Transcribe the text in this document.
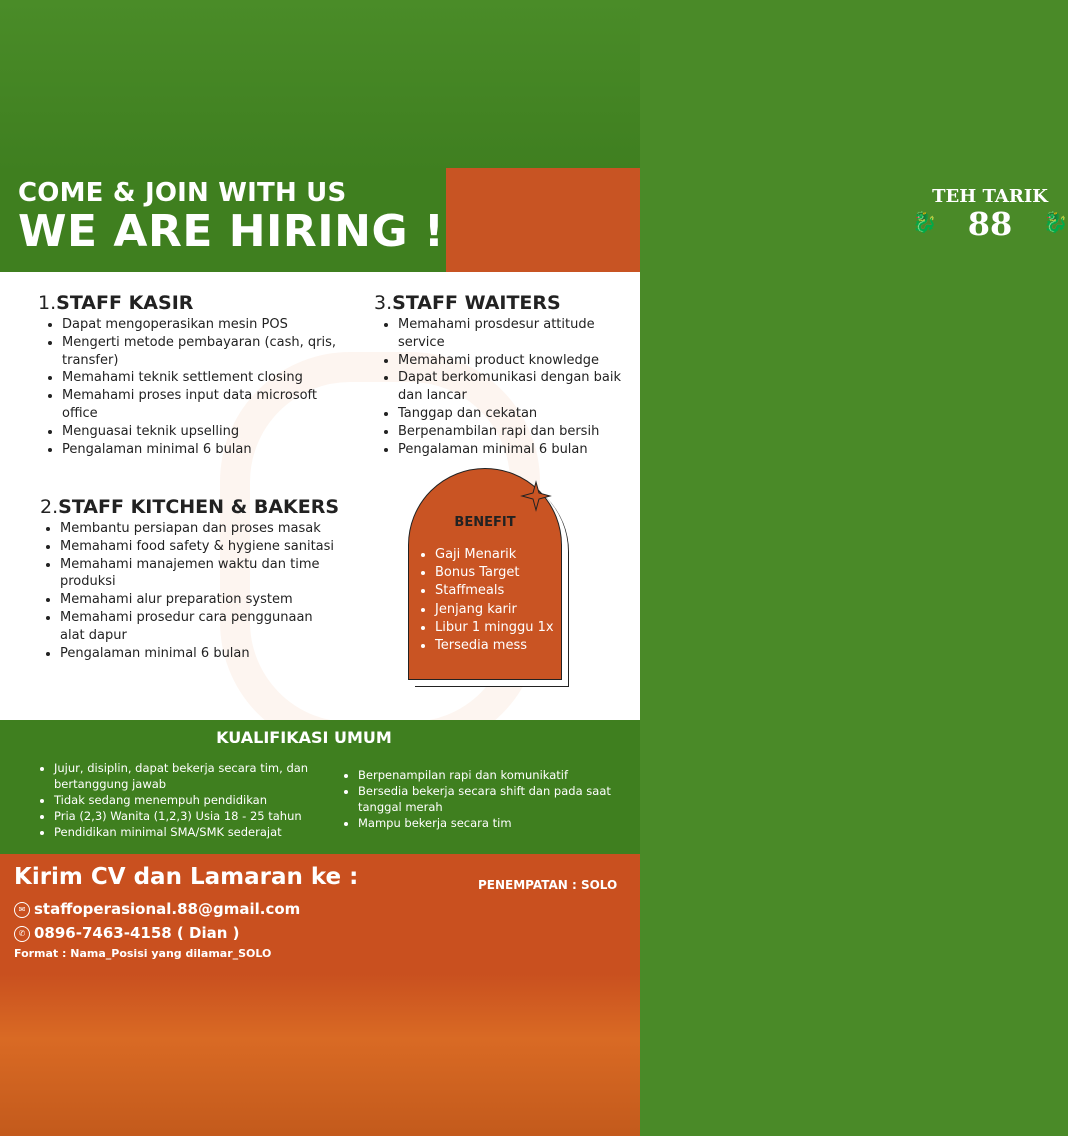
COME & JOIN WITH US
WE ARE HIRING !	🐉	🐉
TEH TARIK
88
1.STAFF KASIR
• Dapat mengoperasikan mesin POS
• Mengerti metode pembayaran (cash, qris, transfer)
• Memahami teknik settlement closing
• Memahami proses input data microsoft office
• Menguasai teknik upselling
• Pengalaman minimal 6 bulan
3.STAFF WAITERS
• Memahami prosdesur attitude service
• Memahami product knowledge
• Dapat berkomunikasi dengan baik dan lancar
• Tanggap dan cekatan
• Berpenambilan rapi dan bersih
• Pengalaman minimal 6 bulan
2.STAFF KITCHEN & BAKERS
• Membantu persiapan dan proses masak
• Memahami food safety & hygiene sanitasi
• Memahami manajemen waktu dan time produksi
• Memahami alur preparation system
• Memahami prosedur cara penggunaan alat dapur
• Pengalaman minimal 6 bulan
BENEFIT
• Gaji Menarik
• Bonus Target
• Staffmeals
• Jenjang karir
• Libur 1 minggu 1x
• Tersedia mess
KUALIFIKASI UMUM
• Jujur, disiplin, dapat bekerja secara tim, dan bertanggung jawab
• Tidak sedang menempuh pendidikan
• Pria (2,3) Wanita (1,2,3) Usia 18 - 25 tahun
• Pendidikan minimal SMA/SMK sederajat
• Berpenampilan rapi dan komunikatif
• Bersedia bekerja secara shift dan pada saat tanggal merah
• Mampu bekerja secara tim
Kirim CV dan Lamaran ke :	PENEMPATAN : SOLO
✉ staffoperasional.88@gmail.com
✆ 0896-7463-4158 ( Dian )
Format : Nama_Posisi yang dilamar_SOLO
